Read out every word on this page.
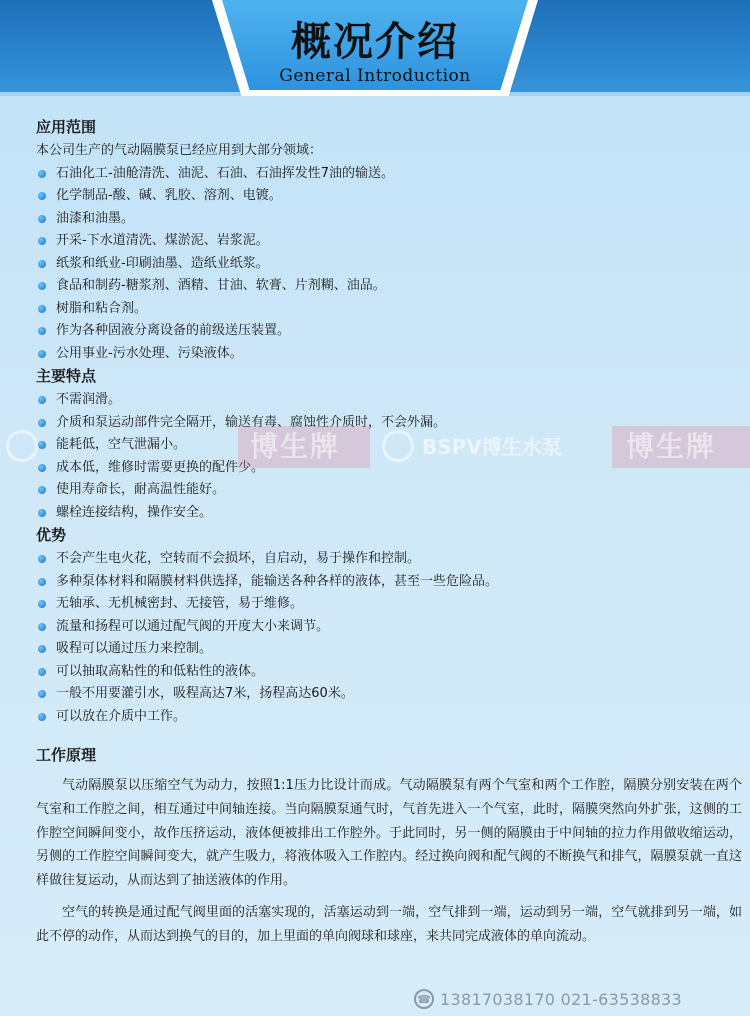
概况介绍
General Introduction
应用范围

本公司生产的气动隔膜泵已经应用到大部分领域：

石油化工-油舱清洗、油泥、石油、石油挥发性7油的输送。
化学制品-酸、碱、乳胶、溶剂、电镀。
油漆和油墨。
开采-下水道清洗、煤淤泥、岩浆泥。
纸浆和纸业-印刷油墨、造纸业纸浆。
食品和制药-糖浆剂、酒精、甘油、软膏、片剂糊、油品。
树脂和粘合剂。
作为各种固液分离设备的前级送压装置。
公用事业-污水处理、污染液体。
主要特点
不需润滑。
介质和泵运动部件完全隔开，输送有毒、腐蚀性介质时，不会外漏。
能耗低，空气泄漏小。
成本低，维修时需要更换的配件少。
使用寿命长，耐高温性能好。
螺栓连接结构，操作安全。
优势
不会产生电火花，空转而不会损坏，自启动，易于操作和控制。
多种泵体材料和隔膜材料供选择，能输送各种各样的液体，甚至一些危险品。
无轴承、无机械密封、无接管，易于维修。
流量和扬程可以通过配气阀的开度大小来调节。
吸程可以通过压力来控制。
可以抽取高粘性的和低粘性的液体。
一般不用要灌引水，吸程高达7米，扬程高达60米。
可以放在介质中工作。
工作原理

气动隔膜泵以压缩空气为动力，按照1:1压力比设计而成。气动隔膜泵有两个气室和两个工作腔，隔膜分别安装在两个气室和工作腔之间，相互通过中间轴连接。当向隔膜泵通气时，气首先进入一个气室，此时，隔膜突然向外扩张，这侧的工作腔空间瞬间变小，故作压挤运动，液体便被排出工作腔外。于此同时，另一侧的隔膜由于中间轴的拉力作用做收缩运动，另侧的工作腔空间瞬间变大，就产生吸力，将液体吸入工作腔内。经过换向阀和配气阀的不断换气和排气，隔膜泵就一直这样做往复运动，从而达到了抽送液体的作用。

空气的转换是通过配气阀里面的活塞实现的，活塞运动到一端，空气排到一端，运动到另一端，空气就排到另一端，如此不停的动作，从而达到换气的目的，加上里面的单向阀球和球座，来共同完成液体的单向流动。

博生牌	BSPV博生水泵 博生牌
☎ 13817038170 021-63538833
